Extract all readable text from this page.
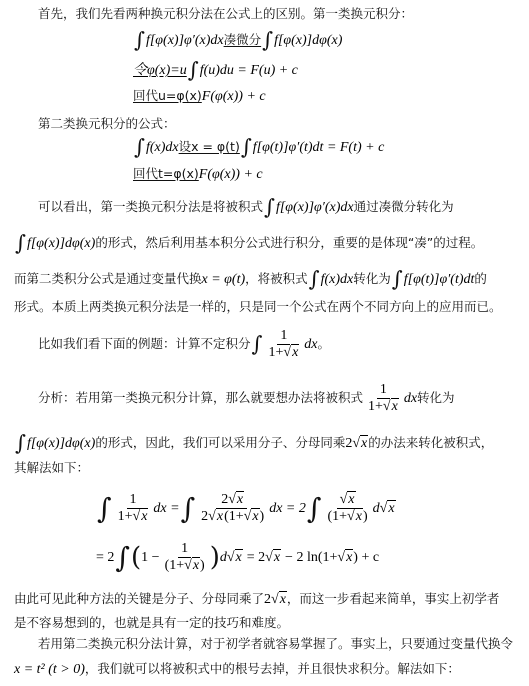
首先，我们先看两种换元积分法在公式上的区别。第一类换元积分：
∫f[φ(x)]φ′(x)dx凑微分∫f[φ(x)]dφ(x)
令φ(x)=u∫f(u)du = F(u) + c
回代u=φ(x)F(φ(x)) + c
第二类换元积分的公式：
∫f(x)dx设x = φ(t)∫f[φ(t)]φ′(t)dt = F(t) + c
回代t=φ(x)F(φ(x)) + c
可以看出，第一类换元积分法是将被积式∫f[φ(x)]φ′(x)dx通过凑微分转化为
∫f[φ(x)]dφ(x)的形式，然后利用基本积分公式进行积分，重要的是体现“凑”的过程。
而第二类积分公式是通过变量代换x = φ(t)，将被积式∫f(x)dx转化为∫f[φ(t)]φ′(t)dt的
形式。本质上两类换元积分法是一样的，只是同一个公式在两个不同方向上的应用而已。
比如我们看下面的例题：计算不定积分∫ $\frac{1}{1+√x}$ dx。
分析：若用第一类换元积分计算，那么就要想办法将被积式 $\frac{1}{1+√x}$ dx转化为
∫f[φ(x)]dφ(x)的形式，因此，我们可以采用分子、分母同乘2√x的办法来转化被积式，
其解法如下：
∫ $\frac{1}{1+√x}$ dx =∫ $\frac{2√x}{2√x(1+√x)}$ dx = $2\int \frac{√x}{(1+√x)} d√x$
= $2\int(1 - \frac{1}{(1+√x)} )d√x = 2√x - 2$ ln(1+√x) + c
由此可见此种方法的关键是分子、分母同乘了2√x，而这一步看起来简单，事实上初学者
是不容易想到的，也就是具有一定的技巧和难度。
若用第二类换元积分法计算，对于初学者就容易掌握了。事实上，只要通过变量代换令
x = t² (t > 0)，我们就可以将被积式中的根号去掉，并且很快求积分。解法如下：
